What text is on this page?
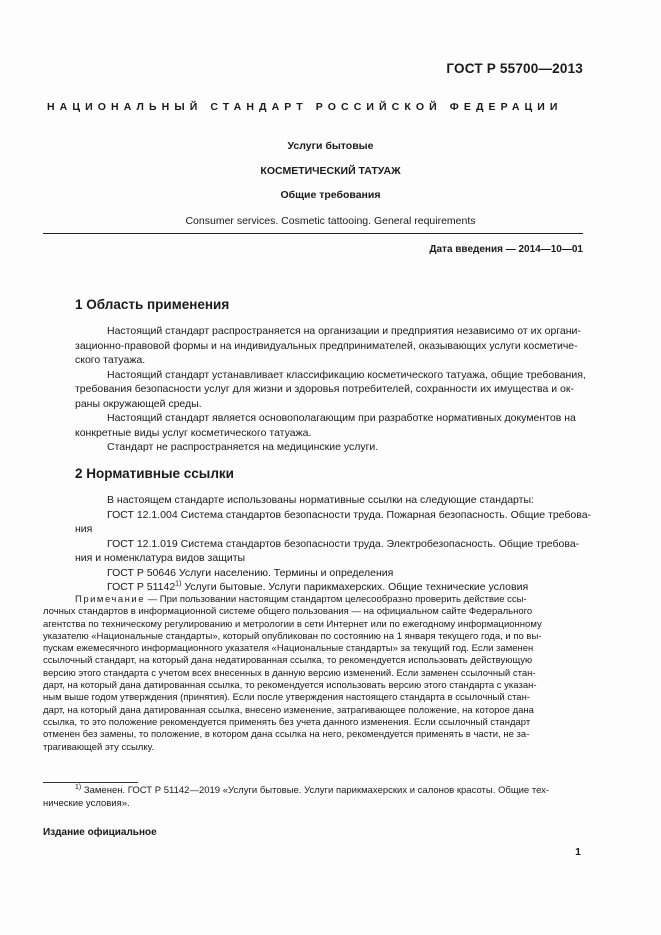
ГОСТ Р 55700—2013
НАЦИОНАЛЬНЫЙ СТАНДАРТ РОССИЙСКОЙ ФЕДЕРАЦИИ
Услуги бытовые
КОСМЕТИЧЕСКИЙ ТАТУАЖ
Общие требования
Consumer services. Cosmetic tattooing. General requirements
Дата введения — 2014—10—01
1 Область применения
Настоящий стандарт распространяется на организации и предприятия независимо от их органи-
зационно-правовой формы и на индивидуальных предпринимателей, оказывающих услуги косметиче-
ского татуажа.
Настоящий стандарт устанавливает классификацию косметического татуажа, общие требования,
требования безопасности услуг для жизни и здоровья потребителей, сохранности их имущества и ок-
раны окружающей среды.
Настоящий стандарт является основополагающим при разработке нормативных документов на
конкретные виды услуг косметического татуажа.
Стандарт не распространяется на медицинские услуги.
2 Нормативные ссылки
В настоящем стандарте использованы нормативные ссылки на следующие стандарты:
ГОСТ 12.1.004 Система стандартов безопасности труда. Пожарная безопасность. Общие требова-
ния
ГОСТ 12.1.019 Система стандартов безопасности труда. Электробезопасность. Общие требова-
ния и номенклатура видов защиты
ГОСТ Р 50646 Услуги населению. Термины и определения
ГОСТ Р 51142$^{1)}$ Услуги бытовые. Услуги парикмахерских. Общие технические условия
Примечание — При пользовании настоящим стандартом целесообразно проверить действие ссы-
лочных стандартов в информационной системе общего пользования — на официальном сайте Федерального
агентства по техническому регулированию и метрологии в сети Интернет или по ежегодному информационному
указателю «Национальные стандарты», который опубликован по состоянию на 1 января текущего года, и по вы-
пускам ежемесячного информационного указателя «Национальные стандарты» за текущий год. Если заменен
ссылочный стандарт, на который дана недатированная ссылка, то рекомендуется использовать действующую
версию этого стандарта с учетом всех внесенных в данную версию изменений. Если заменен ссылочный стан-
дарт, на который дана датированная ссылка, то рекомендуется использовать версию этого стандарта с указан-
ным выше годом утверждения (принятия). Если после утверждения настоящего стандарта в ссылочный стан-
дарт, на который дана датированная ссылка, внесено изменение, затрагивающее положение, на которое дана
ссылка, то это положение рекомендуется применять без учета данного изменения. Если ссылочный стандарт
отменен без замены, то положение, в котором дана ссылка на него, рекомендуется применять в части, не за-
трагивающей эту ссылку.
$^{1)}$ Заменен. ГОСТ Р 51142—2019 «Услуги бытовые. Услуги парикмахерских и салонов красоты. Общие тех-
нические условия».
Издание официальное
1
